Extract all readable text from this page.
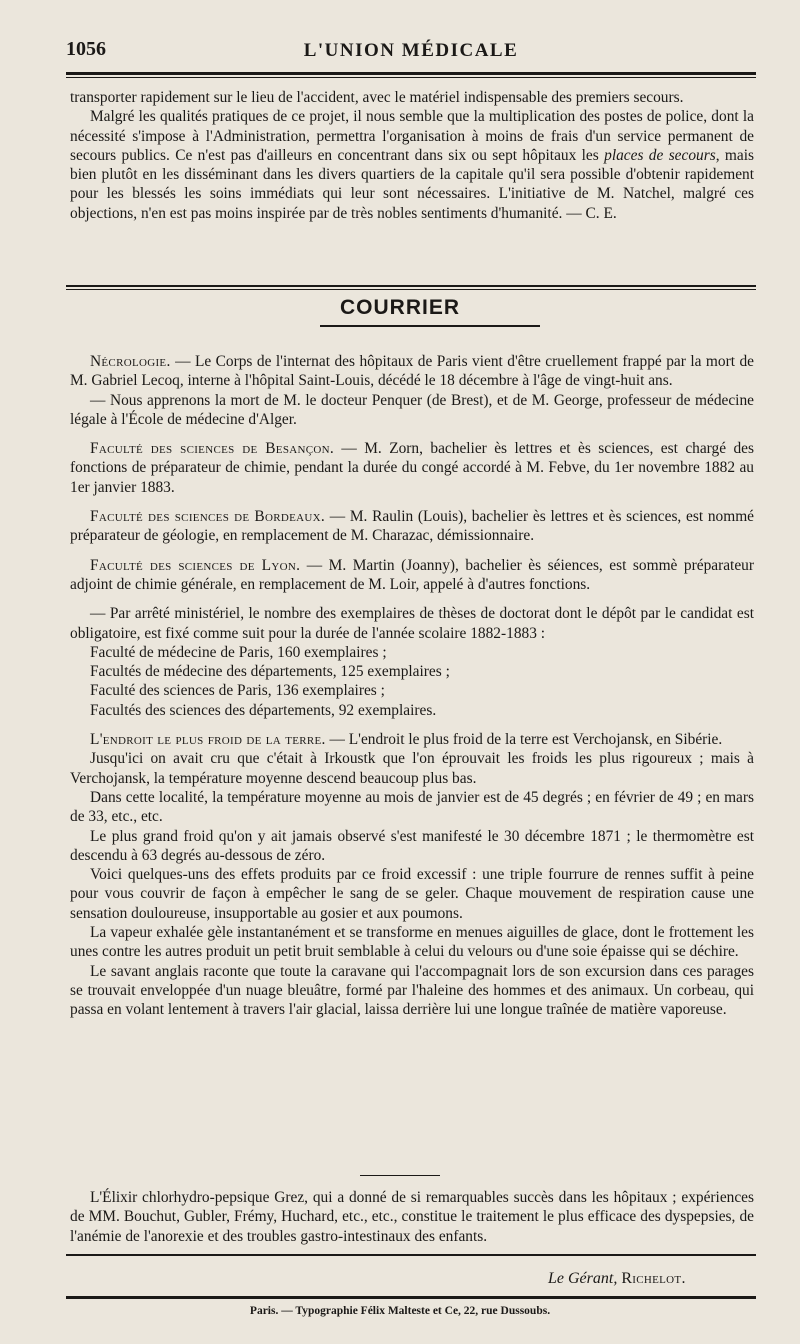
1056	L'UNION MÉDICALE

transporter rapidement sur le lieu de l'accident, avec le matériel indispensable des premiers secours.

Malgré les qualités pratiques de ce projet, il nous semble que la multiplication des postes de police, dont la nécessité s'impose à l'Administration, permettra l'organisation à moins de frais d'un service permanent de secours publics. Ce n'est pas d'ailleurs en concentrant dans six ou sept hôpitaux les places de secours, mais bien plutôt en les disséminant dans les divers quartiers de la capitale qu'il sera possible d'obtenir rapidement pour les blessés les soins immédiats qui leur sont nécessaires. L'initiative de M. Natchel, malgré ces objections, n'en est pas moins inspirée par de très nobles sentiments d'humanité. — C. E.

COURRIER

Nécrologie. — Le Corps de l'internat des hôpitaux de Paris vient d'être cruellement frappé par la mort de M. Gabriel Lecoq, interne à l'hôpital Saint-Louis, décédé le 18 décembre à l'âge de vingt-huit ans.

— Nous apprenons la mort de M. le docteur Penquer (de Brest), et de M. George, professeur de médecine légale à l'École de médecine d'Alger.

Faculté des sciences de Besançon. — M. Zorn, bachelier ès lettres et ès sciences, est chargé des fonctions de préparateur de chimie, pendant la durée du congé accordé à M. Febve, du 1er novembre 1882 au 1er janvier 1883.

Faculté des sciences de Bordeaux. — M. Raulin (Louis), bachelier ès lettres et ès sciences, est nommé préparateur de géologie, en remplacement de M. Charazac, démissionnaire.

Faculté des sciences de Lyon. — M. Martin (Joanny), bachelier ès séiences, est sommè préparateur adjoint de chimie générale, en remplacement de M. Loir, appelé à d'autres fonctions.

— Par arrêté ministériel, le nombre des exemplaires de thèses de doctorat dont le dépôt par le candidat est obligatoire, est fixé comme suit pour la durée de l'année scolaire 1882-1883 :

Faculté de médecine de Paris, 160 exemplaires ;

Facultés de médecine des départements, 125 exemplaires ;

Faculté des sciences de Paris, 136 exemplaires ;

Facultés des sciences des départements, 92 exemplaires.

L'endroit le plus froid de la terre. — L'endroit le plus froid de la terre est Verchojansk, en Sibérie.

Jusqu'ici on avait cru que c'était à Irkoustk que l'on éprouvait les froids les plus rigoureux ; mais à Verchojansk, la température moyenne descend beaucoup plus bas.

Dans cette localité, la température moyenne au mois de janvier est de 45 degrés ; en février de 49 ; en mars de 33, etc., etc.

Le plus grand froid qu'on y ait jamais observé s'est manifesté le 30 décembre 1871 ; le thermomètre est descendu à 63 degrés au-dessous de zéro.

Voici quelques-uns des effets produits par ce froid excessif : une triple fourrure de rennes suffit à peine pour vous couvrir de façon à empêcher le sang de se geler. Chaque mouvement de respiration cause une sensation douloureuse, insupportable au gosier et aux poumons.

La vapeur exhalée gèle instantanément et se transforme en menues aiguilles de glace, dont le frottement les unes contre les autres produit un petit bruit semblable à celui du velours ou d'une soie épaisse qui se déchire.

Le savant anglais raconte que toute la caravane qui l'accompagnait lors de son excursion dans ces parages se trouvait enveloppée d'un nuage bleuâtre, formé par l'haleine des hommes et des animaux. Un corbeau, qui passa en volant lentement à travers l'air glacial, laissa derrière lui une longue traînée de matière vaporeuse.

L'Élixir chlorhydro-pepsique Grez, qui a donné de si remarquables succès dans les hôpitaux ; expériences de MM. Bouchut, Gubler, Frémy, Huchard, etc., etc., constitue le traitement le plus efficace des dyspepsies, de l'anémie de l'anorexie et des troubles gastro-intestinaux des enfants.

Le Gérant, Richelot.
Paris. — Typographie Félix Malteste et Ce, 22, rue Dussoubs.
